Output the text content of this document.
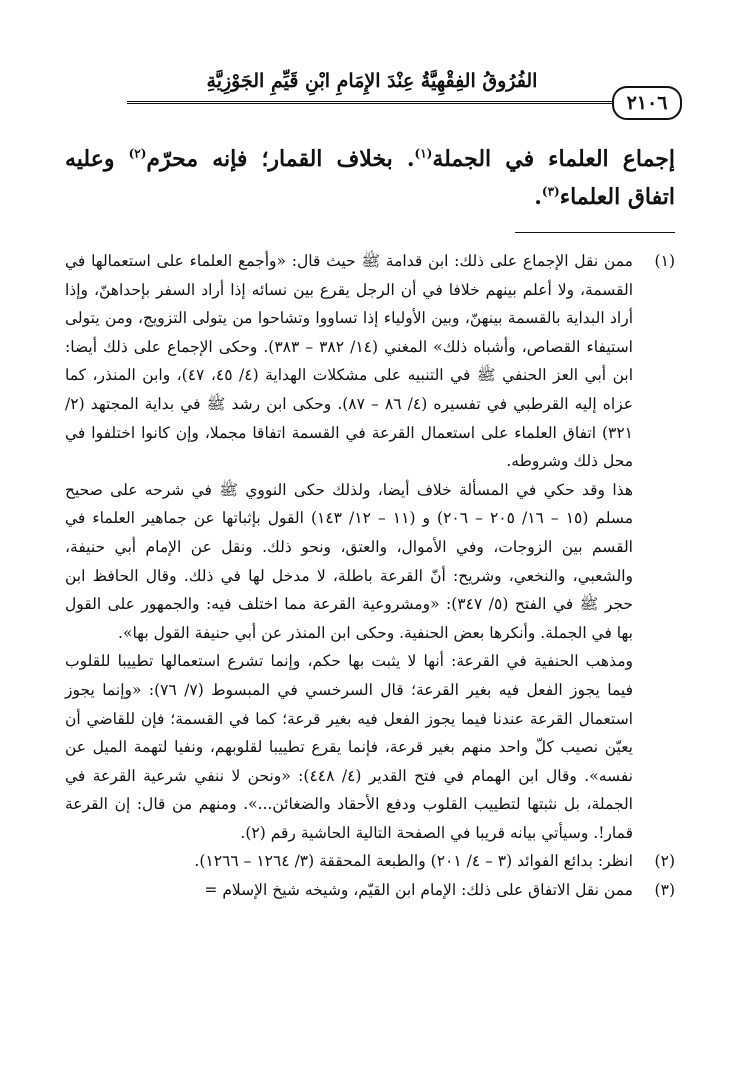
الفُرُوقُ الفِقْهِيَّةُ عِنْدَ الإِمَامِ ابْنِ قَيِّمِ الجَوْزِيَّةِ
٢١٠٦

إجماع العلماء في الجملة$^{(١)}$. بخلاف القمار؛ فإنه محرّم$^{(٢)}$ وعليه اتفاق العلماء$^{(٣)}$.

(١)
ممن نقل الإجماع على ذلك: ابن قدامة ﷺ حيث قال: «وأجمع العلماء على استعمالها في القسمة، ولا أعلم بينهم خلافا في أن الرجل يقرع بين نسائه إذا أراد السفر بإحداهنّ، وإذا أراد البداية بالقسمة بينهنّ، وبين الأولياء إذا تساووا وتشاحوا من يتولى التزويج، ومن يتولى استيفاء القصاص، وأشباه ذلك» المغني (١٤/ ٣٨٢ – ٣٨٣). وحكى الإجماع على ذلك أيضا: ابن أبي العز الحنفي ﷺ في التنبيه على مشكلات الهداية (٤/ ٤٥، ٤٧)، وابن المنذر، كما عزاه إليه القرطبي في تفسيره (٤/ ٨٦ – ٨٧). وحكى ابن رشد ﷺ في بداية المجتهد (٢/ ٣٢١) اتفاق العلماء على استعمال القرعة في القسمة اتفاقا مجملا، وإن كانوا اختلفوا في محل ذلك وشروطه.
هذا وقد حكي في المسألة خلاف أيضا، ولذلك حكى النووي ﷺ في شرحه على صحيح مسلم (١٥ – ١٦/ ٢٠٥ – ٢٠٦) و (١١ – ١٢/ ١٤٣) القول بإثباتها عن جماهير العلماء في القسم بين الزوجات، وفي الأموال، والعتق، ونحو ذلك. ونقل عن الإمام أبي حنيفة، والشعبي، والنخعي، وشريح: أنّ القرعة باطلة، لا مدخل لها في ذلك. وقال الحافظ ابن حجر ﷺ في الفتح (٥/ ٣٤٧): «ومشروعية القرعة مما اختلف فيه: والجمهور على القول بها في الجملة. وأنكرها بعض الحنفية. وحكى ابن المنذر عن أبي حنيفة القول بها».
ومذهب الحنفية في القرعة: أنها لا يثبت بها حكم، وإنما تشرع استعمالها تطييبا للقلوب فيما يجوز الفعل فيه بغير القرعة؛ قال السرخسي في المبسوط (٧/ ٧٦): «وإنما يجوز استعمال القرعة عندنا فيما يجوز الفعل فيه بغير قرعة؛ كما في القسمة؛ فإن للقاضي أن يعيّن نصيب كلّ واحد منهم بغير قرعة، فإنما يقرع تطييبا لقلوبهم، ونفيا لتهمة الميل عن نفسه». وقال ابن الهمام في فتح القدير (٤/ ٤٤٨): «ونحن لا ننفي شرعية القرعة في الجملة، بل نثبتها لتطييب القلوب ودفع الأحقاد والضغائن...». ومنهم من قال: إن القرعة قمار!. وسيأتي بيانه قريبا في الصفحة التالية الحاشية رقم (٢).
(٢)
انظر: بدائع الفوائد (٣ – ٤/ ٢٠١) والطبعة المحققة (٣/ ١٢٦٤ – ١٢٦٦).
(٣)
ممن نقل الاتفاق على ذلك: الإمام ابن القيّم، وشيخه شيخ الإسلام =
